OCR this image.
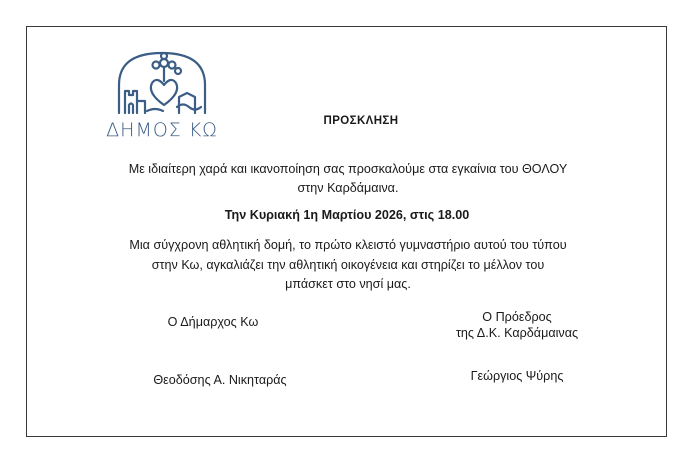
ΔΗΜΟΣ ΚΩ	ΠΡΟΣΚΛΗΣΗ
Με ιδιαίτερη χαρά και ικανοποίηση σας προσκαλούμε στα εγκαίνια του ΘΟΛΟΥ
στην Καρδάμαινα.
Την Κυριακή 1η Μαρτίου 2026, στις 18.00
Μια σύγχρονη αθλητική δομή, το πρώτο κλειστό γυμναστήριο αυτού του τύπου
στην Κω, αγκαλιάζει την αθλητική οικογένεια και στηρίζει το μέλλον του
μπάσκετ στο νησί μας.
Ο Δήμαρχος Κω	Ο Πρόεδρος
της Δ.Κ. Καρδάμαινας
Θεοδόσης Α. Νικηταράς	Γεώργιος Ψύρης
